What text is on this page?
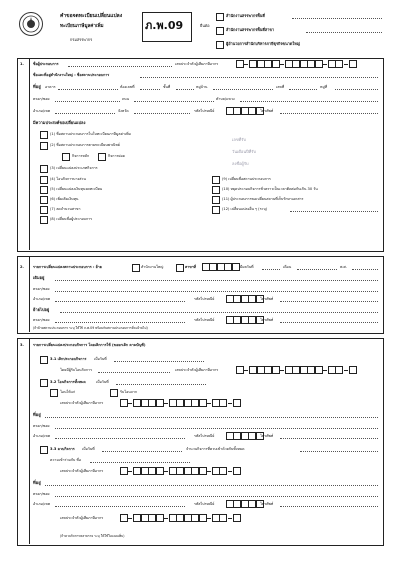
คำขอจดทะเบียนเปลี่ยนแปลง
ทะเบียนภาษีมูลค่าเพิ่ม
กรมสรรพากร
ภ.พ.09	ยื่นต่อ
สำนักงานสรรพากรพื้นที่
สำนักงานสรรพากรพื้นที่สาขา
ผู้อำนวยการสำนักบริหารภาษีธุรกิจขนาดใหญ่
1.	ชื่อผู้ประกอบการ	เลขประจำตัวผู้เสียภาษีอากร
ชื่อและที่อยู่สำนักงานใหญ่ : ชื่อสถานประกอบการ
ที่อยู่ อาคาร	ห้องเลขที่	ชั้นที่	หมู่บ้าน	เลขที่	หมู่ที่
ตรอก/ซอย	ถนน	ตำบล/แขวง
อำเภอ/เขต	จังหวัด	รหัสไปรษณีย์	โทรศัพท์
มีความประสงค์ขอเปลี่ยนแปลง
(1) ชื่อสถานประกอบการในใบทะเบียนภาษีมูลค่าเพิ่ม
(2) ชื่อสถานประกอบการตามทะเบียนพาณิชย์
กิจการหลัก	กิจการย่อย
(3) เปลี่ยนแปลงประเภทกิจการ
(4) โอนกิจการบางส่วน
(5) เปลี่ยนแปลงเงินทุนจดทะเบียน
(6) เพิ่มเติมเงินทุน
(7) ลดจำนวนสาขา
(8) เปลี่ยนชื่อผู้ประกอบการ
(9) เปลี่ยนชื่อสถานประกอบการ
(10) หยุดประกอบกิจการชั่วคราวเป็นเวลาติดต่อกันเกิน 30 วัน
(11) ผู้ประกอบการขอเปลี่ยนสถานที่เก็บรักษาเอกสาร
(12) เปลี่ยนแปลงอื่น ๆ (ระบุ)
เลขที่รับ
วันเดือนปีที่รับ
ลงชื่อผู้รับ
2.	รายการเปลี่ยนแปลงสถานประกอบการ : ย้าย	สำนักงานใหญ่	สาขาที่	มีผลวันที่	เดือน	พ.ศ.
เดิมอยู่
ตรอก/ซอย
อำเภอ/เขต	รหัสไปรษณีย์	โทรศัพท์
ย้ายไปอยู่
ตรอก/ซอย	รหัสไปรษณีย์	โทรศัพท์
(ถ้าย้ายสถานประกอบการ ระบุ ให้ใช้ ภ.พ.09 พร้อมกับสถานประกอบการที่จะย้ายไป)
3.	รายการเปลี่ยนแปลงประกอบกิจการ โดยเลิกการใช้ (ขอยกเลิก ตามบัญชี)
3.1 เลิกประกอบกิจการ เมื่อวันที่
โดยมีผู้รับโอนกิจการ	เลขประจำตัวผู้เสียภาษีอากร
3.2 โอนกิจการทั้งหมด	เมื่อวันที่
โอนให้แก่	รับโอนจาก
เลขประจำตัวผู้เสียภาษีอากร
ที่อยู่
ตรอก/ซอย
อำเภอ/เขต	รหัสไปรษณีย์	โทรศัพท์
3.3 ควบกิจการ เมื่อวันที่	จำนวนกิจการที่ควบเข้าด้วยกันทั้งหมด
ความเข้าร่วมกับ ชื่อ
เลขประจำตัวผู้เสียภาษีอากร
ที่อยู่
ตรอก/ซอย
อำเภอ/เขต	รหัสไปรษณีย์	โทรศัพท์
เลขประจำตัวผู้เสียภาษีอากร
(ถ้าควบกิจการหลายราย ระบุ ให้ใช้ใบแนบเพิ่ม)
